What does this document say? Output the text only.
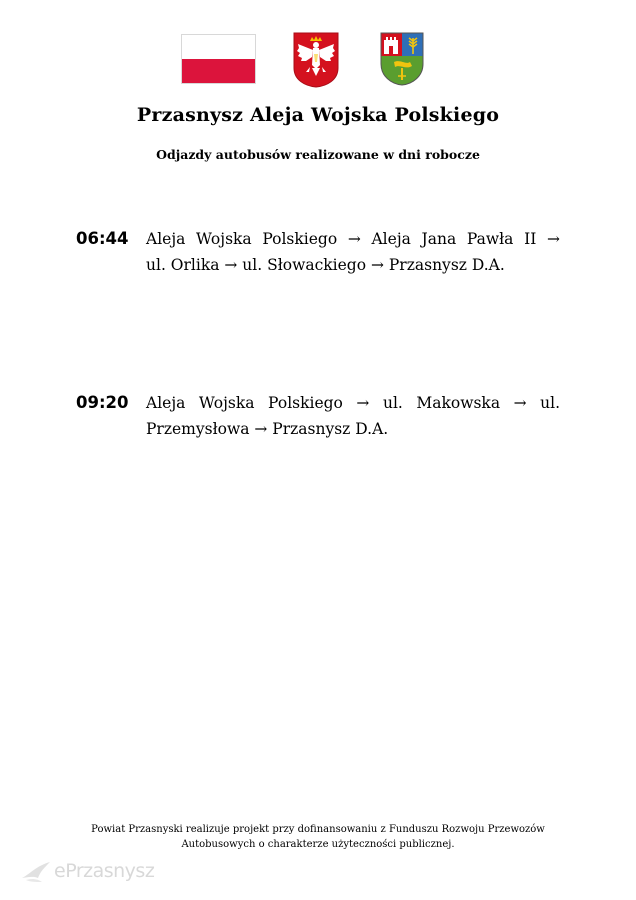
Przasnysz Aleja Wojska Polskiego
Odjazdy autobusów realizowane w dni robocze
06:44 Aleja Wojska Polskiego → Aleja Jana Pawła II →
ul. Orlika → ul. Słowackiego → Przasnysz D.A.
09:20 Aleja Wojska Polskiego → ul. Makowska → ul.
Przemysłowa → Przasnysz D.A.
Powiat Przasnyski realizuje projekt przy dofinansowaniu z Funduszu Rozwoju Przewozów
Autobusowych o charakterze użyteczności publicznej.
ePrzasnysz
